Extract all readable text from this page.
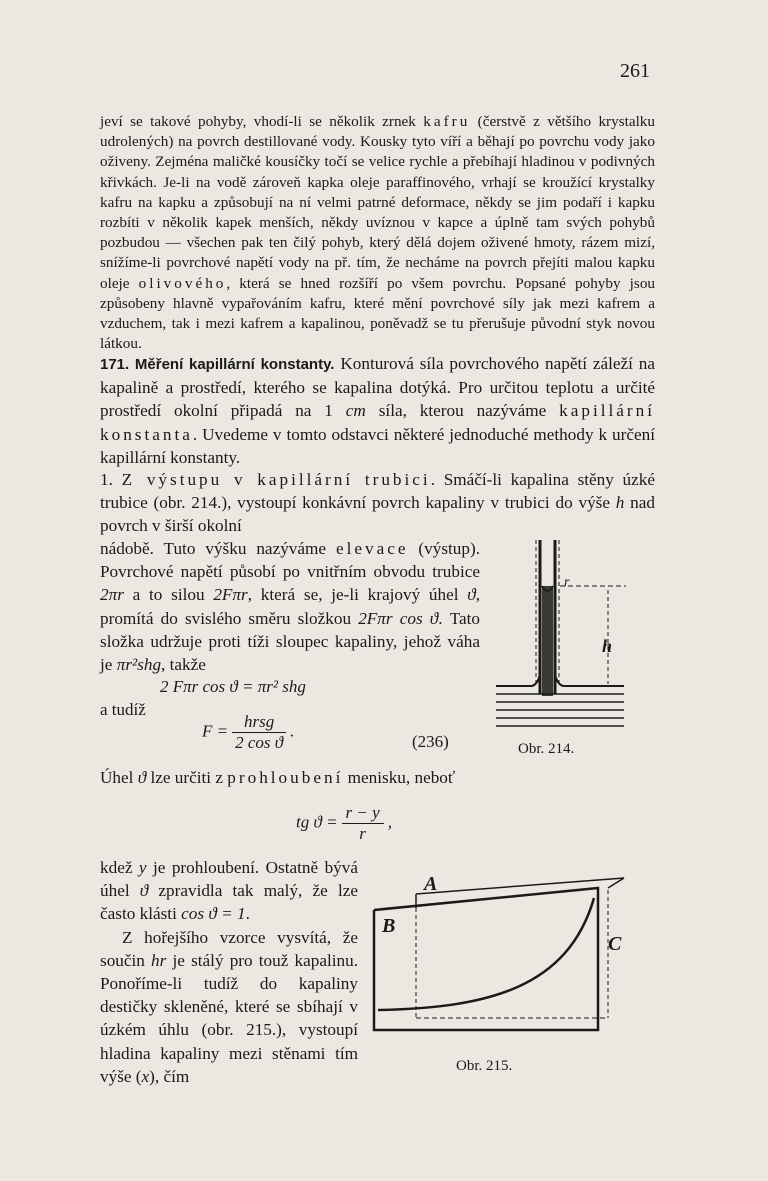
261
jeví se takové pohyby, vhodí-li se několik zrnek kafru (čerstvě z většího krystalku udrolených) na povrch destillované vody. Kousky tyto víří a běhají po povrchu vody jako oživeny. Zejména maličké kousíčky točí se velice rychle a přebíhají hladinou v podivných křivkách. Je-li na vodě zároveň kapka oleje paraffinového, vrhají se kroužící krystalky kafru na kapku a způsobují na ní velmi patrné deformace, někdy se jim podaří i kapku rozbíti v několik kapek menších, někdy uvíznou v kapce a úplně tam svých pohybů pozbudou — všechen pak ten čilý pohyb, který dělá dojem oživené hmoty, rázem mizí, snížíme-li povrchové napětí vody na př. tím, že necháme na povrch přejíti malou kapku oleje olivového, která se hned rozšíří po všem povrchu. Popsané pohyby jsou způsobeny hlavně vypařováním kafru, které mění povrchové síly jak mezi kafrem a vzduchem, tak i mezi kafrem a kapalinou, poněvadž se tu přerušuje původní styk novou látkou.
171. Měření kapillární konstanty. Konturová síla povrchového napětí záleží na kapalině a prostředí, kterého se kapalina dotýká. Pro určitou teplotu a určité prostředí okolní připadá na 1 cm síla, kterou nazýváme kapillární konstanta. Uvedeme v tomto odstavci některé jednoduché methody k určení kapillární konstanty.
1. Z výstupu v kapillární trubici. Smáčí-li kapalina stěny úzké trubice (obr. 214.), vystoupí konkávní povrch kapaliny v trubici do výše h nad povrch v širší okolní
nádobě. Tuto výšku nazýváme elevace (výstup). Povrchové napětí působí po vnitřním obvodu trubice 2πr a to silou 2Fπr, která se, je-li krajový úhel ϑ, promítá do svislého směru složkou 2Fπr cos ϑ. Tato složka udržuje proti tíži sloupec kapaliny, jehož váha je πr²shg, takže
2 Fπr cos ϑ = πr² shg
a tudíž
$F = \frac{\text{hrsg}}{\text{2 cos ϑ}}$ .
(236)
r
h
Obr. 214.
Úhel ϑ lze určiti z prohloubení menisku, neboť
tg $ϑ = \frac{r - y}{r}$ ,

kdež y je prohloubení. Ostatně bývá úhel ϑ zpravidla tak malý, že lze často klásti cos ϑ = 1.

Z hořejšího vzorce vysvítá, že součin hr je stálý pro touž kapalinu. Ponoříme-li tudíž do kapaliny destičky skleněné, které se sbíhají v úzkém úhlu (obr. 215.), vystoupí hladina kapaliny mezi stěnami tím výše (x), čím

A
B
C
Obr. 215.
